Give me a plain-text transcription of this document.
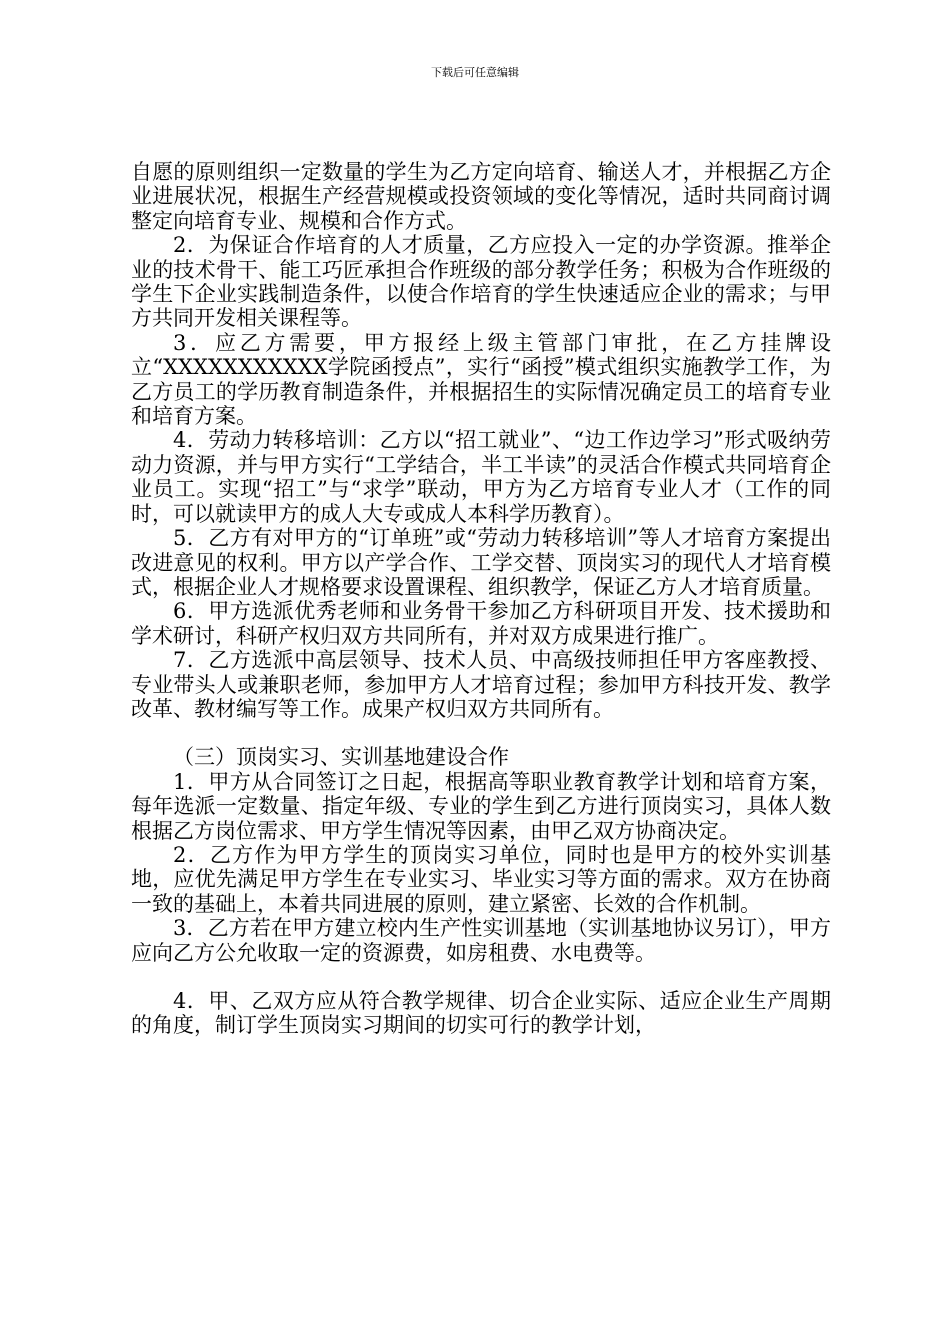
下载后可任意编辑

自愿的原则组织一定数量的学生为乙方定向培育、输送人才，并根据乙方企业进展状况，根据生产经营规模或投资领域的变化等情况，适时共同商讨调整定向培育专业、规模和合作方式。

2．为保证合作培育的人才质量，乙方应投入一定的办学资源。推举企业的技术骨干、能工巧匠承担合作班级的部分教学任务；积极为合作班级的学生下企业实践制造条件，以使合作培育的学生快速适应企业的需求；与甲方共同开发相关课程等。

3．应乙方需要，甲方报经上级主管部门审批，在乙方挂牌设立“XXXXXXXXXXX学院函授点”，实行“函授”模式组织实施教学工作，为乙方员工的学历教育制造条件，并根据招生的实际情况确定员工的培育专业和培育方案。

4．劳动力转移培训：乙方以“招工就业”、“边工作边学习”形式吸纳劳动力资源，并与甲方实行“工学结合，半工半读”的灵活合作模式共同培育企业员工。实现“招工”与“求学”联动，甲方为乙方培育专业人才（工作的同时，可以就读甲方的成人大专或成人本科学历教育）。

5．乙方有对甲方的“订单班”或“劳动力转移培训”等人才培育方案提出改进意见的权利。甲方以产学合作、工学交替、顶岗实习的现代人才培育模式，根据企业人才规格要求设置课程、组织教学，保证乙方人才培育质量。

6．甲方选派优秀老师和业务骨干参加乙方科研项目开发、技术援助和学术研讨，科研产权归双方共同所有，并对双方成果进行推广。

7．乙方选派中高层领导、技术人员、中高级技师担任甲方客座教授、专业带头人或兼职老师，参加甲方人才培育过程；参加甲方科技开发、教学改革、教材编写等工作。成果产权归双方共同所有。

（三）顶岗实习、实训基地建设合作

1．甲方从合同签订之日起，根据高等职业教育教学计划和培育方案，每年选派一定数量、指定年级、专业的学生到乙方进行顶岗实习，具体人数根据乙方岗位需求、甲方学生情况等因素，由甲乙双方协商决定。

2．乙方作为甲方学生的顶岗实习单位，同时也是甲方的校外实训基地，应优先满足甲方学生在专业实习、毕业实习等方面的需求。双方在协商一致的基础上，本着共同进展的原则，建立紧密、长效的合作机制。

3．乙方若在甲方建立校内生产性实训基地（实训基地协议另订），甲方应向乙方公允收取一定的资源费，如房租费、水电费等。

4．甲、乙双方应从符合教学规律、切合企业实际、适应企业生产周期的角度，制订学生顶岗实习期间的切实可行的教学计划，
